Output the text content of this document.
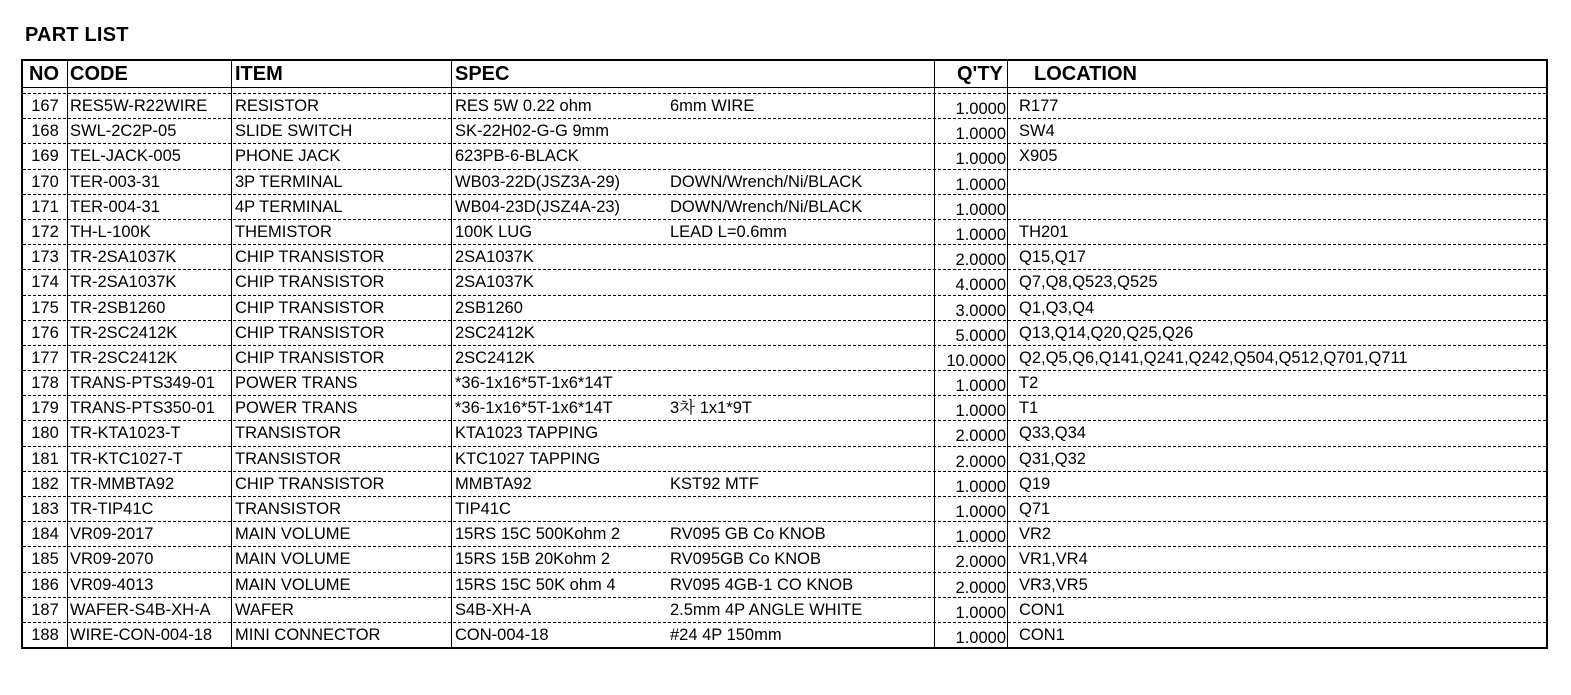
PART LIST
NO CODE	ITEM	SPEC	Q'TY LOCATION
167 RES5W-R22WIRE RESISTOR	RES 5W 0.22 ohm	6mm WIRE	1.0000 R177
168 SWL-2C2P-05	SLIDE SWITCH	SK-22H02-G-G 9mm	1.0000 SW4
169 TEL-JACK-005	PHONE JACK	623PB-6-BLACK	1.0000 X905
170 TER-003-31	3P TERMINAL	WB03-22D(JSZ3A-29)	DOWN/Wrench/Ni/BLACK	1.0000
171 TER-004-31	4P TERMINAL	WB04-23D(JSZ4A-23)	DOWN/Wrench/Ni/BLACK	1.0000
172 TH-L-100K	THEMISTOR	100K LUG	LEAD L=0.6mm	1.0000 TH201
173 TR-2SA1037K	CHIP TRANSISTOR	2SA1037K	2.0000 Q15,Q17
174 TR-2SA1037K	CHIP TRANSISTOR	2SA1037K	4.0000 Q7,Q8,Q523,Q525
175 TR-2SB1260	CHIP TRANSISTOR	2SB1260	3.0000 Q1,Q3,Q4
176 TR-2SC2412K	CHIP TRANSISTOR	2SC2412K	5.0000 Q13,Q14,Q20,Q25,Q26
177 TR-2SC2412K	CHIP TRANSISTOR	2SC2412K	10.0000 Q2,Q5,Q6,Q141,Q241,Q242,Q504,Q512,Q701,Q711
178 TRANS-PTS349-01 POWER TRANS	*36-1x16*5T-1x6*14T	1.0000 T2
179 TRANS-PTS350-01 POWER TRANS	*36-1x16*5T-1x6*14T	3차 1x1*9T	1.0000 T1
180 TR-KTA1023-T	TRANSISTOR	KTA1023 TAPPING	2.0000 Q33,Q34
181 TR-KTC1027-T	TRANSISTOR	KTC1027 TAPPING	2.0000 Q31,Q32
182 TR-MMBTA92	CHIP TRANSISTOR	MMBTA92	KST92 MTF	1.0000 Q19
183 TR-TIP41C	TRANSISTOR	TIP41C	1.0000 Q71
184 VR09-2017	MAIN VOLUME	15RS 15C 500Kohm 2	RV095 GB Co KNOB	1.0000 VR2
185 VR09-2070	MAIN VOLUME	15RS 15B 20Kohm 2	RV095GB Co KNOB	2.0000 VR1,VR4
186 VR09-4013	MAIN VOLUME	15RS 15C 50K ohm 4	RV095 4GB-1 CO KNOB	2.0000 VR3,VR5
187 WAFER-S4B-XH-A WAFER	S4B-XH-A	2.5mm 4P ANGLE WHITE	1.0000 CON1
188 WIRE-CON-004-18 MINI CONNECTOR	CON-004-18	#24 4P 150mm	1.0000 CON1
